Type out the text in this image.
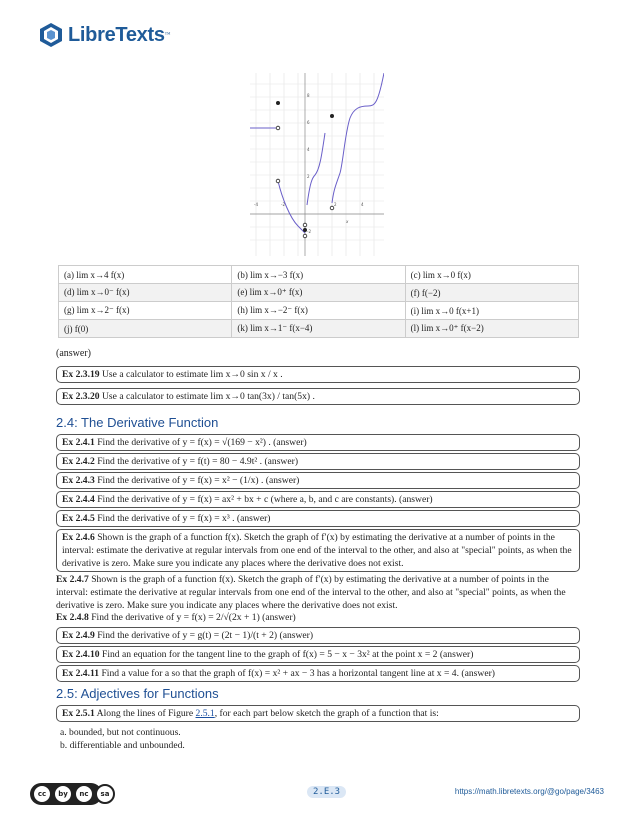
LibreTexts ™
8
6
4
2
-4	-2	2	4
-2
x
(a) lim x→4 f(x)	(b) lim x→−3 f(x)	(c) lim x→0 f(x)
(d) lim x→0⁻ f(x)	(e) lim x→0⁺ f(x)	(f) f(−2)
(g) lim x→2⁻ f(x)	(h) lim x→−2⁻ f(x)	(i) lim x→0 f(x+1)
(j) f(0)	(k) lim x→1⁻ f(x−4)	(l) lim x→0⁺ f(x−2)
(answer)
Ex 2.3.19 Use a calculator to estimate lim x→0 sin x / x .
Ex 2.3.20 Use a calculator to estimate lim x→0 tan(3x) / tan(5x) .
2.4: The Derivative Function
Ex 2.4.1 Find the derivative of y = f(x) = √(169 − x²) . (answer)
Ex 2.4.2 Find the derivative of y = f(t) = 80 − 4.9t² . (answer)
Ex 2.4.3 Find the derivative of y = f(x) = x² − (1/x) . (answer)
Ex 2.4.4 Find the derivative of y = f(x) = ax² + bx + c (where a, b, and c are constants). (answer)
Ex 2.4.5 Find the derivative of y = f(x) = x³ . (answer)
Ex 2.4.6 Shown is the graph of a function f(x). Sketch the graph of f′(x) by estimating the derivative at a number of points in the interval: estimate the derivative at regular intervals from one end of the interval to the other, and also at "special" points, as when the derivative is zero. Make sure you indicate any places where the derivative does not exist.
Ex 2.4.7 Shown is the graph of a function f(x). Sketch the graph of f′(x) by estimating the derivative at a number of points in the interval: estimate the derivative at regular intervals from one end of the interval to the other, and also at "special" points, as when the derivative is zero. Make sure you indicate any places where the derivative does not exist.
Ex 2.4.8 Find the derivative of y = f(x) = 2/√(2x + 1) (answer)
Ex 2.4.9 Find the derivative of y = g(t) = (2t − 1)/(t + 2) (answer)
Ex 2.4.10 Find an equation for the tangent line to the graph of f(x) = 5 − x − 3x² at the point x = 2 (answer)
Ex 2.4.11 Find a value for a so that the graph of f(x) = x² + ax − 3 has a horizontal tangent line at x = 4. (answer)
2.5: Adjectives for Functions
Ex 2.5.1 Along the lines of Figure 2.5.1, for each part below sketch the graph of a function that is:
a. bounded, but not continuous.
b. differentiable and unbounded.
cc	by	nc	sa	2.E.3	https://math.libretexts.org/@go/page/3463
